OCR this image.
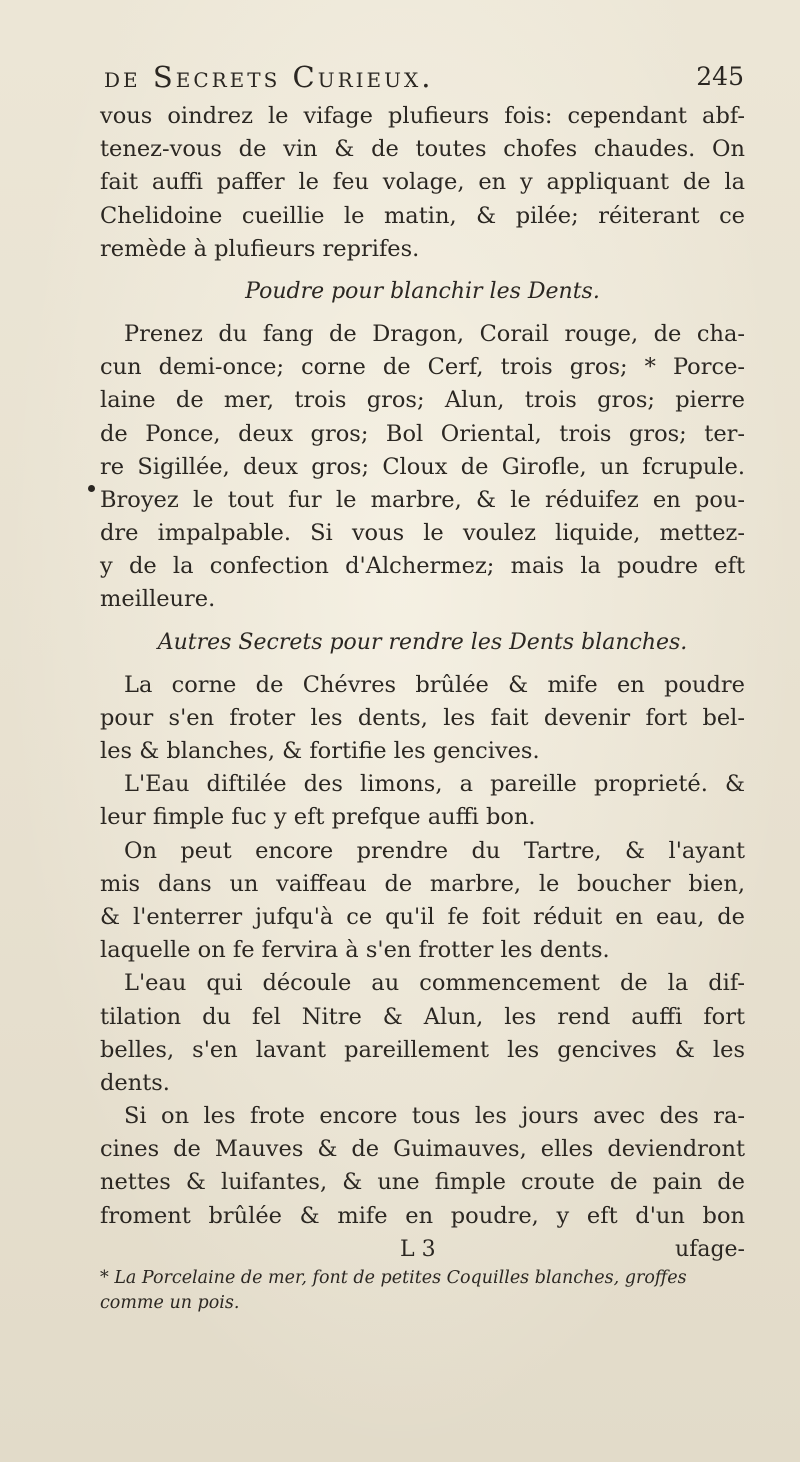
de Secrets Curieux.	245
vous oindrez le vifage plufieurs fois: cependant abf-
tenez-vous de vin & de toutes chofes chaudes. On
fait auffi paffer le feu volage, en y appliquant de la
Chelidoine cueillie le matin, & pilée; réiterant ce
remède à plufieurs reprifes.
Poudre pour blanchir les Dents.
Prenez du fang de Dragon, Corail rouge, de cha-
cun demi-once; corne de Cerf, trois gros; * Porce-
laine de mer, trois gros; Alun, trois gros; pierre
de Ponce, deux gros; Bol Oriental, trois gros; ter-
re Sigillée, deux gros; Cloux de Girofle, un fcrupule.
Broyez le tout fur le marbre, & le réduifez en pou-
dre impalpable. Si vous le voulez liquide, mettez-
y de la confection d'Alchermez; mais la poudre eft
meilleure.
Autres Secrets pour rendre les Dents blanches.
La corne de Chévres brûlée & mife en poudre
pour s'en froter les dents, les fait devenir fort bel-
les & blanches, & fortifie les gencives.
L'Eau diftilée des limons, a pareille proprieté. &
leur fimple fuc y eft prefque auffi bon.
On peut encore prendre du Tartre, & l'ayant
mis dans un vaiffeau de marbre, le boucher bien,
& l'enterrer jufqu'à ce qu'il fe foit réduit en eau, de
laquelle on fe fervira à s'en frotter les dents.
L'eau qui découle au commencement de la dif-
tilation du fel Nitre & Alun, les rend auffi fort
belles, s'en lavant pareillement les gencives & les
dents.
Si on les frote encore tous les jours avec des ra-
cines de Mauves & de Guimauves, elles deviendront
nettes & luifantes, & une fimple croute de pain de
froment brûlée & mife en poudre, y eft d'un bon
L 3	ufage-
* La Porcelaine de mer, font de petites Coquilles blanches, groffes
comme un pois.
